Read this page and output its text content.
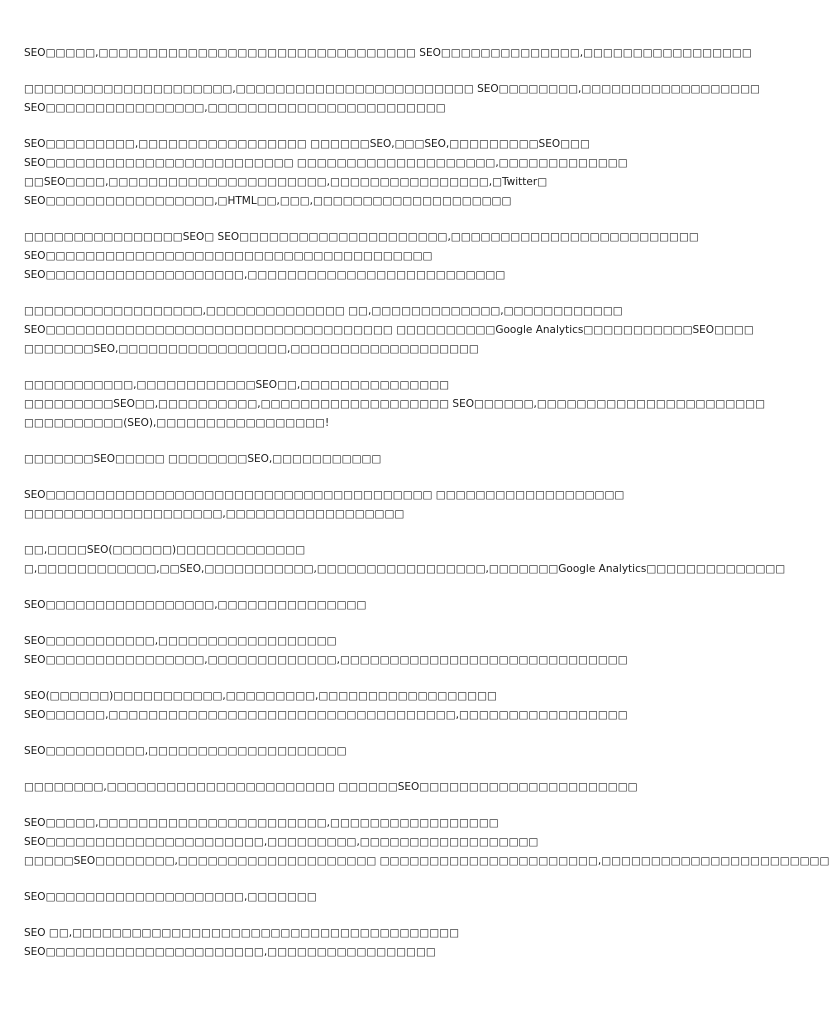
SEO□□□□□,□□□□□□□□□□□□□□□□□□□□□□□□□□□□□□□□ SEO□□□□□□□□□□□□□□,□□□□□□□□□□□□□□□□□
□□□□□□□□□□□□□□□□□□□□□,□□□□□□□□□□□□□□□□□□□□□□□□ SEO□□□□□□□□,□□□□□□□□□□□□□□□□□□
SEO□□□□□□□□□□□□□□□□,□□□□□□□□□□□□□□□□□□□□□□□□
SEO□□□□□□□□□,□□□□□□□□□□□□□□□□□ □□□□□□SEO,□□□SEO,□□□□□□□□□SEO□□□
SEO□□□□□□□□□□□□□□□□□□□□□□□□□ □□□□□□□□□□□□□□□□□□□□,□□□□□□□□□□□□□
□□SEO□□□□,□□□□□□□□□□□□□□□□□□□□□□,□□□□□□□□□□□□□□□□,□Twitter□
SEO□□□□□□□□□□□□□□□□□,□HTML□□,□□□,□□□□□□□□□□□□□□□□□□□□
□□□□□□□□□□□□□□□□SEO□ SEO□□□□□□□□□□□□□□□□□□□□□,□□□□□□□□□□□□□□□□□□□□□□□□□
SEO□□□□□□□□□□□□□□□□□□□□□□□□□□□□□□□□□□□□□□□
SEO□□□□□□□□□□□□□□□□□□□□,□□□□□□□□□□□□□□□□□□□□□□□□□□
□□□□□□□□□□□□□□□□□□,□□□□□□□□□□□□□□ □□,□□□□□□□□□□□□□,□□□□□□□□□□□□
SEO□□□□□□□□□□□□□□□□□□□□□□□□□□□□□□□□□□□ □□□□□□□□□□Google Analytics□□□□□□□□□□□SEO□□□□
□□□□□□□SEO,□□□□□□□□□□□□□□□□□,□□□□□□□□□□□□□□□□□□□
□□□□□□□□□□□,□□□□□□□□□□□□SEO□□,□□□□□□□□□□□□□□□
□□□□□□□□□SEO□□,□□□□□□□□□□,□□□□□□□□□□□□□□□□□□□ SEO□□□□□□,□□□□□□□□□□□□□□□□□□□□□□□
□□□□□□□□□□(SEO),□□□□□□□□□□□□□□□□□!
□□□□□□□SEO□□□□□ □□□□□□□□SEO,□□□□□□□□□□□
SEO□□□□□□□□□□□□□□□□□□□□□□□□□□□□□□□□□□□□□□□ □□□□□□□□□□□□□□□□□□□
□□□□□□□□□□□□□□□□□□□□,□□□□□□□□□□□□□□□□□□
□□,□□□□SEO(□□□□□□)□□□□□□□□□□□□□
□,□□□□□□□□□□□□,□□SEO,□□□□□□□□□□□,□□□□□□□□□□□□□□□□□,□□□□□□□Google Analytics□□□□□□□□□□□□□□
SEO□□□□□□□□□□□□□□□□□,□□□□□□□□□□□□□□□
SEO□□□□□□□□□□□,□□□□□□□□□□□□□□□□□□
SEO□□□□□□□□□□□□□□□□,□□□□□□□□□□□□□,□□□□□□□□□□□□□□□□□□□□□□□□□□□□□
SEO(□□□□□□)□□□□□□□□□□□,□□□□□□□□□,□□□□□□□□□□□□□□□□□□
SEO□□□□□□,□□□□□□□□□□□□□□□□□□□□□□□□□□□□□□□□□□□,□□□□□□□□□□□□□□□□□
SEO□□□□□□□□□□,□□□□□□□□□□□□□□□□□□□□
□□□□□□□□,□□□□□□□□□□□□□□□□□□□□□□□ □□□□□□SEO□□□□□□□□□□□□□□□□□□□□□□
SEO□□□□□,□□□□□□□□□□□□□□□□□□□□□□□,□□□□□□□□□□□□□□□□□
SEO□□□□□□□□□□□□□□□□□□□□□□,□□□□□□□□□,□□□□□□□□□□□□□□□□□□
□□□□□SEO□□□□□□□□,□□□□□□□□□□□□□□□□□□□□ □□□□□□□□□□□□□□□□□□□□□□,□□□□□□□□□□□□□□□□□□□□□□□
SEO□□□□□□□□□□□□□□□□□□□□,□□□□□□□
SEO □□,□□□□□□□□□□□□□□□□□□□□□□□□□□□□□□□□□□□□□□□
SEO□□□□□□□□□□□□□□□□□□□□□□,□□□□□□□□□□□□□□□□□
